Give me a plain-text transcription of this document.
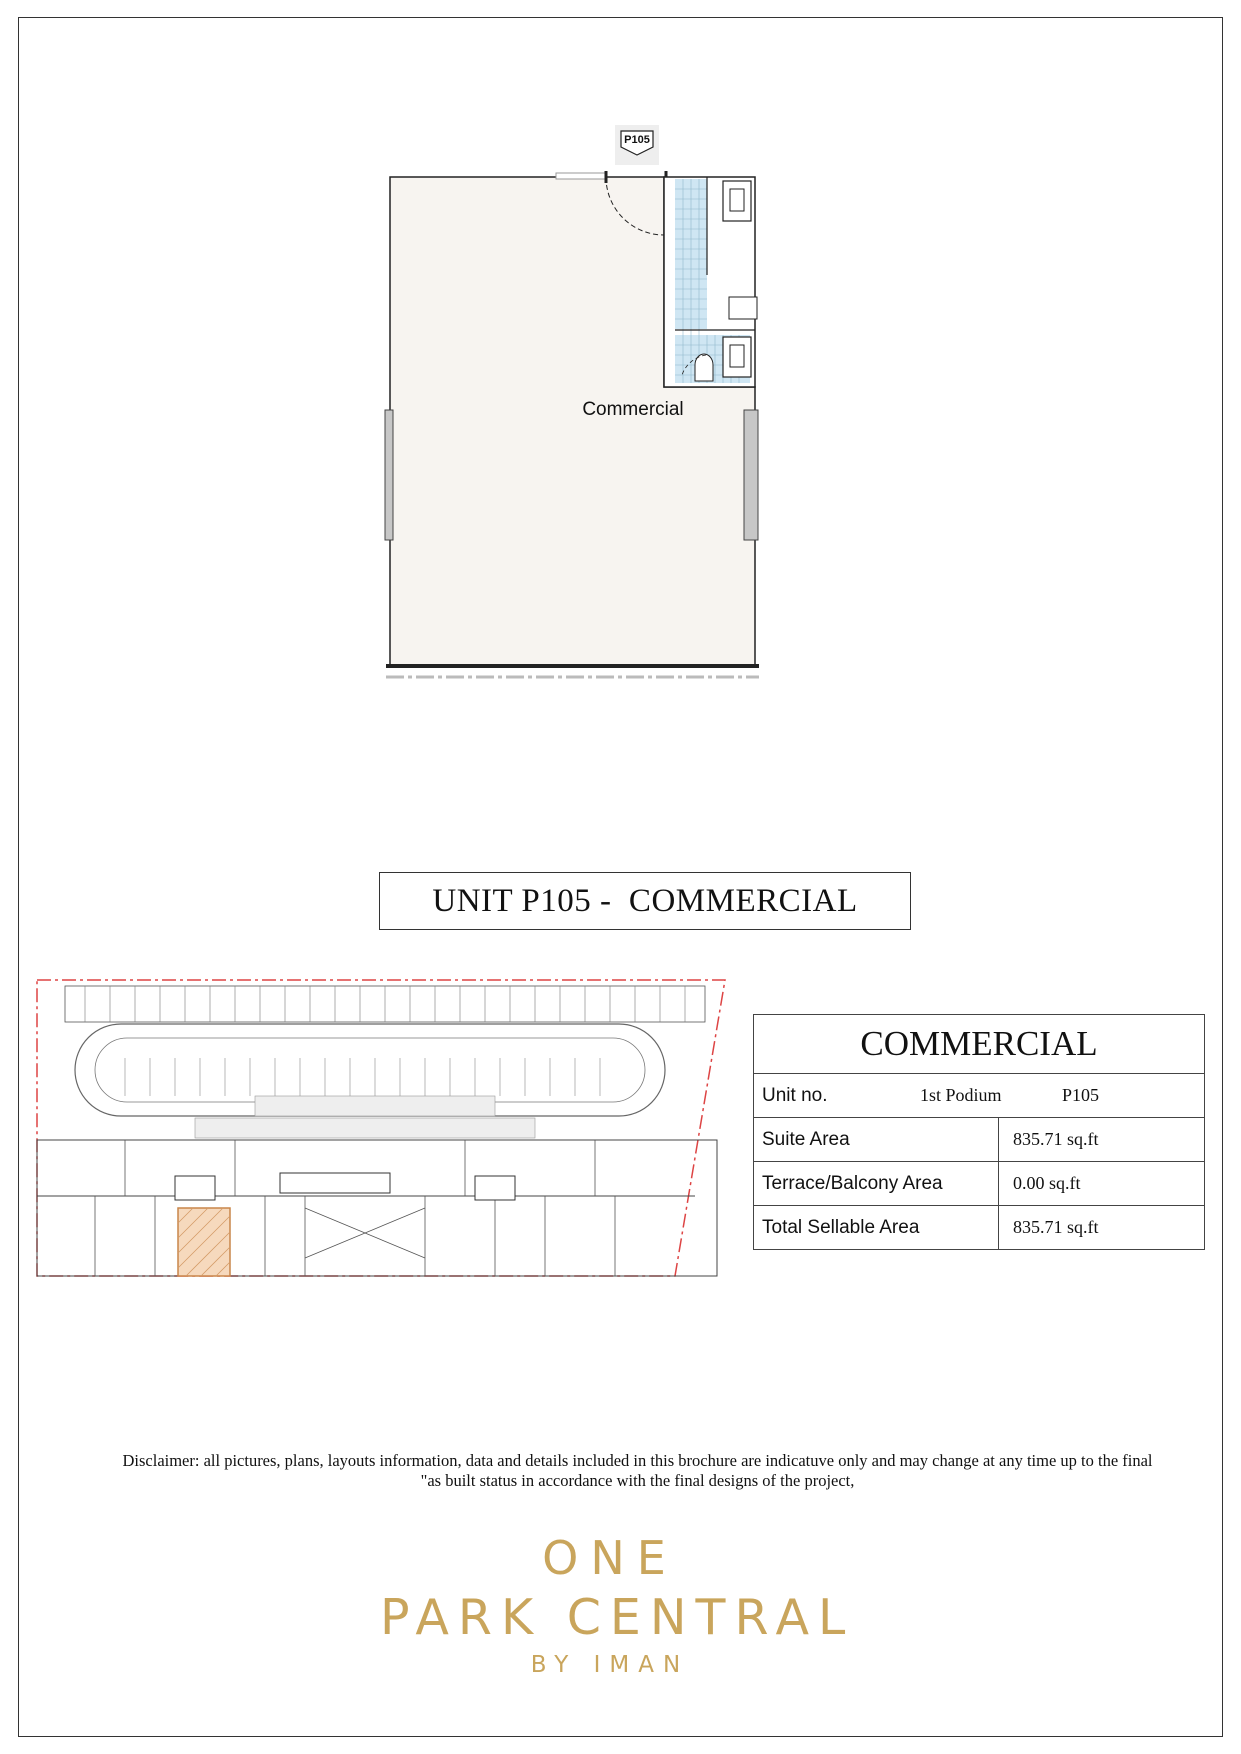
P105
Commercial
UNIT P105 -  COMMERCIAL
COMMERCIAL	

Unit no. 1st Podium P105	

Suite Area	835.71 sq.ft
Terrace/Balcony Area	0.00 sq.ft
Total Sellable Area	835.71 sq.ft
Disclaimer: all pictures, plans, layouts information, data and details included in this brochure are indicatuve only and may change at any time up to the final
"as built status in accordance with the final designs of the project,
ONE
PARK CENTRAL
BY IMAN
